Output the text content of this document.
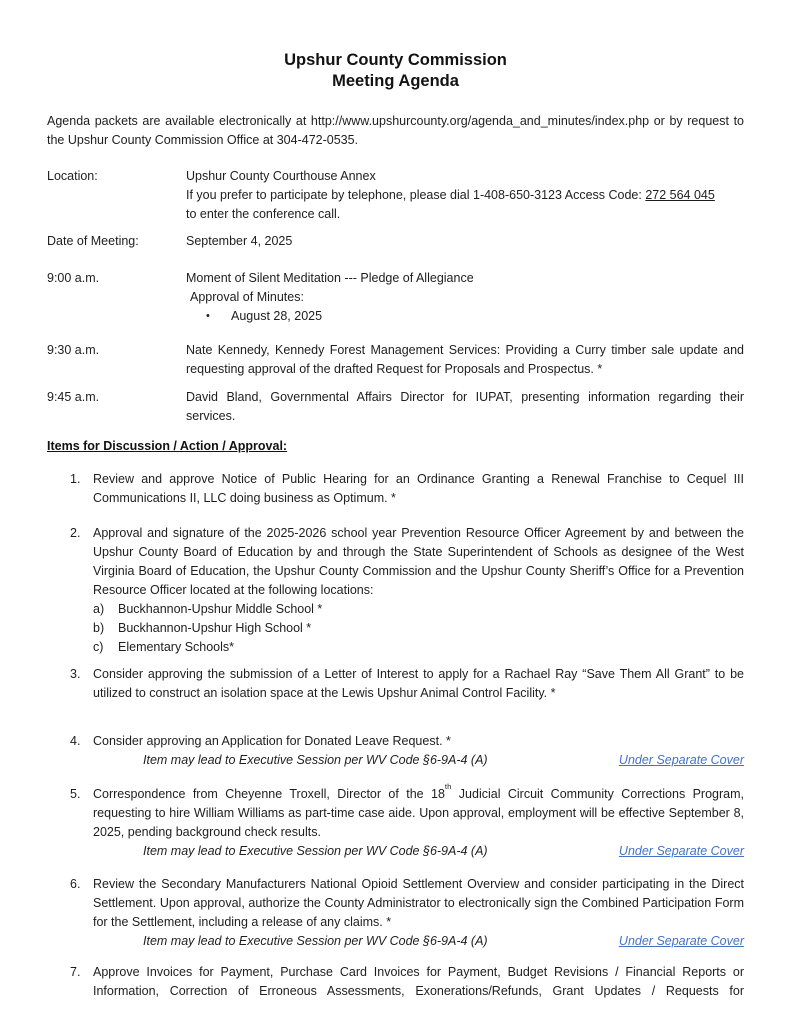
Upshur County Commission
Meeting Agenda

Agenda packets are available electronically at http://www.upshurcounty.org/agenda_and_minutes/index.php or by request to the Upshur County Commission Office at 304-472-0535.

Location:	Upshur County Courthouse Annex
If you prefer to participate by telephone, please dial 1-408-650-3123 Access Code: 272 564 045
to enter the conference call.
Date of Meeting:	September 4, 2025
9:00 a.m.	Moment of Silent Meditation --- Pledge of Allegiance
Approval of Minutes:
•	August 28, 2025
9:30 a.m.	Nate Kennedy, Kennedy Forest Management Services: Providing a Curry timber sale update and requesting approval of the drafted Request for Proposals and Prospectus. *
9:45 a.m.	David Bland, Governmental Affairs Director for IUPAT, presenting information regarding their services.
Items for Discussion / Action / Approval:
1.	Review and approve Notice of Public Hearing for an Ordinance Granting a Renewal Franchise to Cequel III Communications II, LLC doing business as Optimum. *
2.	Approval and signature of the 2025-2026 school year Prevention Resource Officer Agreement by and between the Upshur County Board of Education by and through the State Superintendent of Schools as designee of the West Virginia Board of Education, the Upshur County Commission and the Upshur County Sheriff’s Office for a Prevention Resource Officer located at the following locations:
a)	Buckhannon-Upshur Middle School *
b)	Buckhannon-Upshur High School *
c)	Elementary Schools*
3.	Consider approving the submission of a Letter of Interest to apply for a Rachael Ray “Save Them All Grant” to be utilized to construct an isolation space at the Lewis Upshur Animal Control Facility. *
4.	Consider approving an Application for Donated Leave Request. *
Item may lead to Executive Session per WV Code §6-9A-4 (A)	Under Separate Cover
5.	Correspondence from Cheyenne Troxell, Director of the 18th Judicial Circuit Community Corrections Program, requesting to hire William Williams as part-time case aide. Upon approval, employment will be effective September 8, 2025, pending background check results.
Item may lead to Executive Session per WV Code §6-9A-4 (A)	Under Separate Cover
6.	Review the Secondary Manufacturers National Opioid Settlement Overview and consider participating in the Direct Settlement. Upon approval, authorize the County Administrator to electronically sign the Combined Participation Form for the Settlement, including a release of any claims. *
Item may lead to Executive Session per WV Code §6-9A-4 (A)	Under Separate Cover
7.	Approve Invoices for Payment, Purchase Card Invoices for Payment, Budget Revisions / Financial Reports or Information, Correction of Erroneous Assessments, Exonerations/Refunds, Grant Updates / Requests for
